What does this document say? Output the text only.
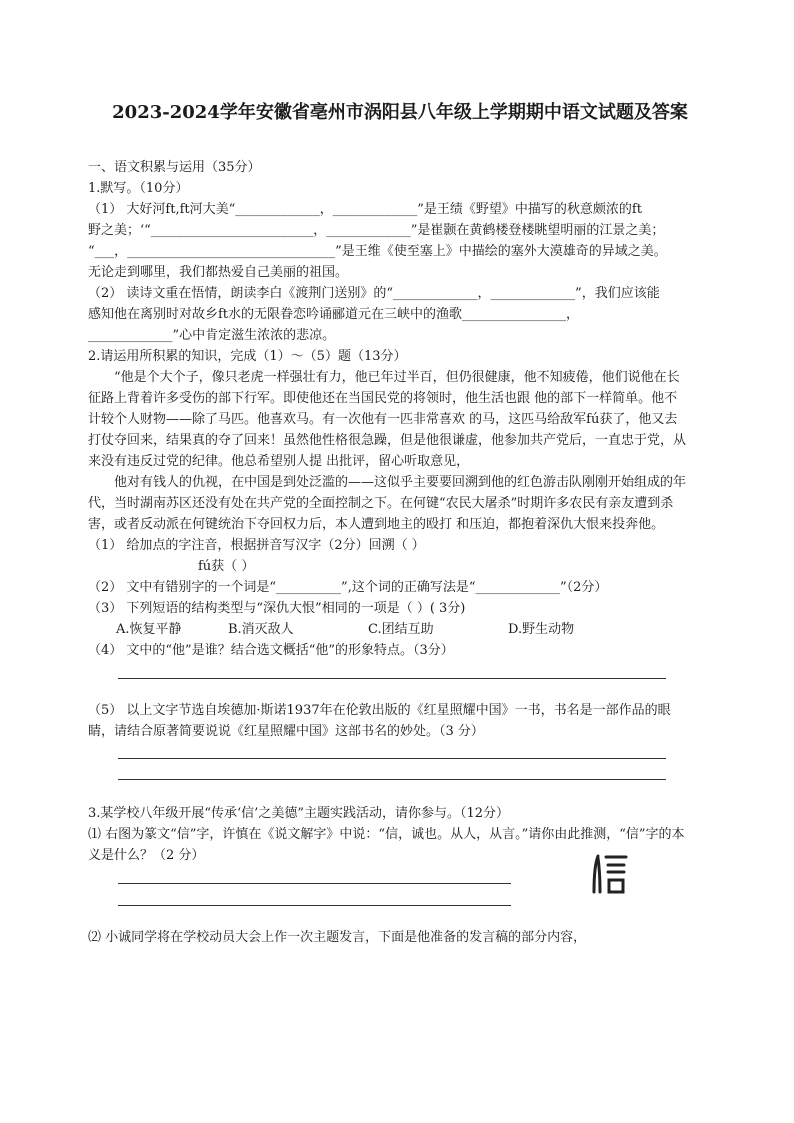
2023-2024学年安徽省亳州市涡阳县八年级上学期期中语文试题及答案

一、语文积累与运用（35分）

1.默写。（10分）

（1） 大好河ft,ft河大美“_____________，_____________”是王绩《野望》中描写的秋意颇浓的ft

野之美；‘“_________________________，_____________”是崔颢在黄鹤楼登楼眺望明丽的江景之美；

“___，________________________________”是王维《使至塞上》中描绘的塞外大漠雄奇的异域之美。

无论走到哪里，我们都热爱自己美丽的祖国。

（2） 读诗文重在悟情，朗读李白《渡荆门送别》的“_____________，_____________”，我们应该能

感知他在离别时对故乡ft水的无限眷恋吟诵郦道元在三峡中的渔歌________________，

_____________”心中肯定滋生浓浓的悲凉。

2.请运用所积累的知识，完成（1）～（5）题（13分）

“他是个大个子，像只老虎一样强壮有力，他已年过半百，但仍很健康，他不知疲倦，他们说他在长征路上背着许多受伤的部下行军。即使他还在当国民党的将领时，他生活也跟 他的部下一样简单。他不计较个人财物——除了马匹。他喜欢马。有一次他有一匹非常喜欢 的马，这匹马给敌军fú获了，他又去打仗夺回来，结果真的夺了回来！虽然他性格很急躁，但是他很谦虚，他参加共产党后，一直忠于党，从来没有违反过党的纪律。他总希望别人提 出批评，留心听取意见，

他对有钱人的仇视，在中国是到处泛滥的——这似乎主要要回溯到他的红色游击队刚刚开始组成的年代，当时湖南苏区还没有处在共产党的全面控制之下。在何键“农民大屠杀”时期许多农民有亲友遭到杀害，或者反动派在何键统治下夺回权力后，本人遭到地主的殴打 和压迫，都抱着深仇大恨来投奔他。

（1） 给加点的字注音，根据拼音写汉字（2分）回溯（ ）

fú获（ ）

（2） 文中有错别字的一个词是“__________”,这个词的正确写法是“_____________”（2分）

（3） 下列短语的结构类型与“深仇大恨”相同的一项是（ ）( 3分)

A.恢复平静	B.消灭敌人	C.团结互助	D.野生动物

（4） 文中的“他”是谁？结合选文概括“他”的形象特点。（3分）

（5） 以上文字节选自埃德加·斯诺1937年在伦敦出版的《红星照耀中国》一书，书名是一部作品的眼睛，请结合原著简要说说《红星照耀中国》这部书名的妙处。（3 分）

3.某学校八年级开展“传承‘信’之美德”主题实践活动，请你参与。（12分）

⑴ 右图为篆文“信”字，许慎在《说文解字》中说：“信，诚也。从人，从言。”请你由此推测，“信”字的本义是什么？（2 分）

⑵ 小诚同学将在学校动员大会上作一次主题发言，下面是他准备的发言稿的部分内容，
